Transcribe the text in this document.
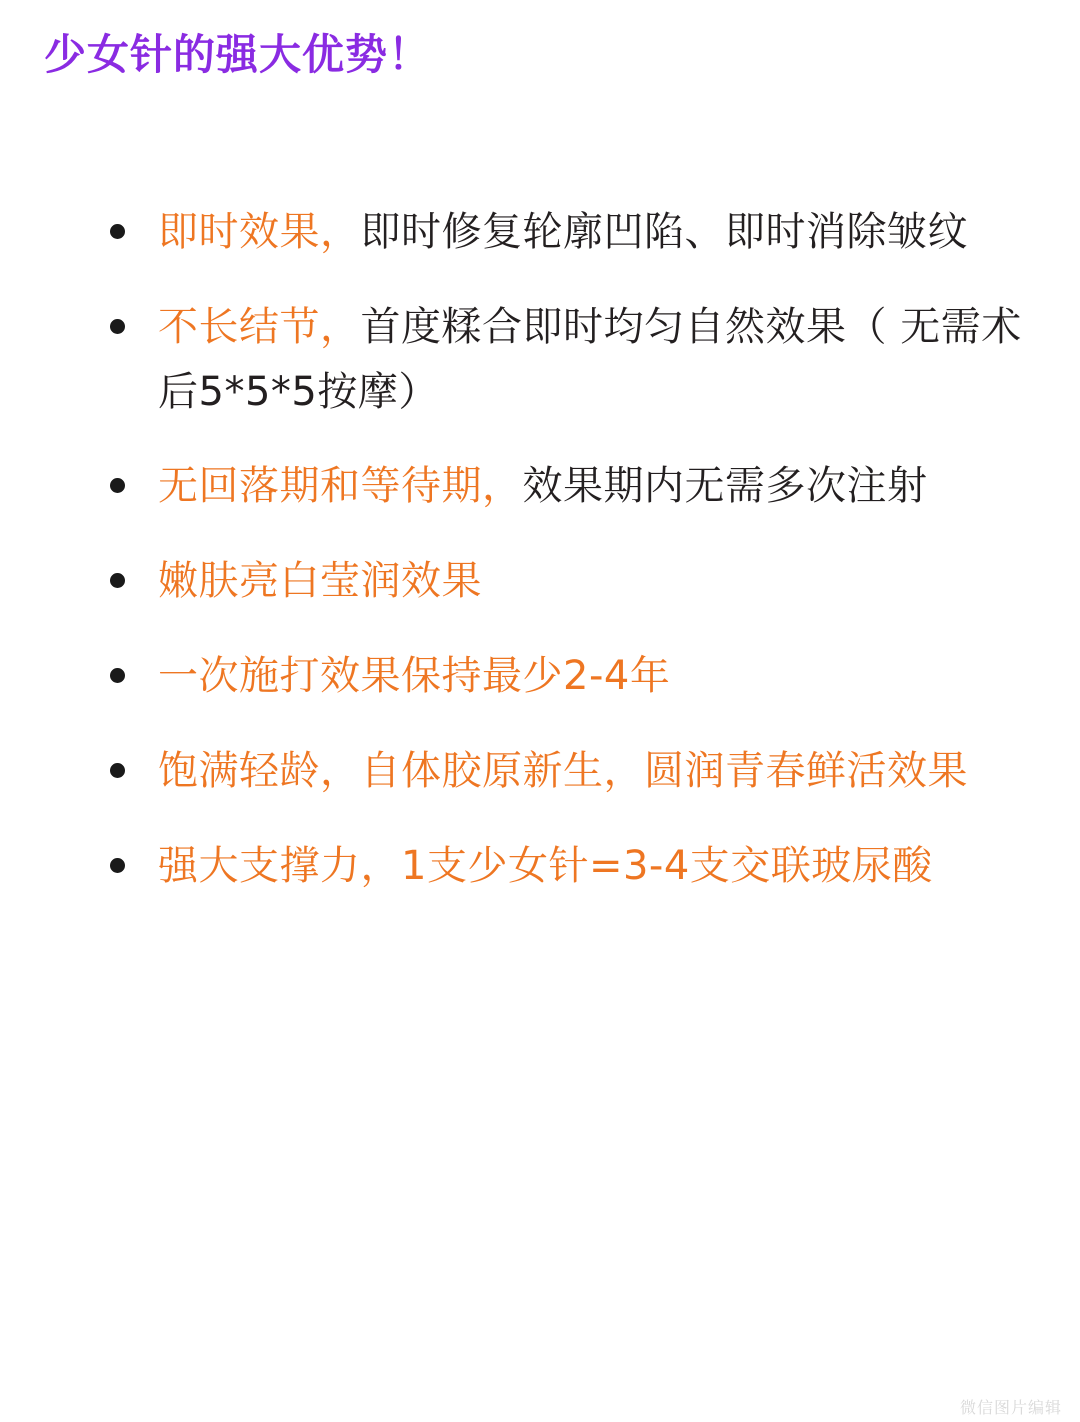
少女针的强大优势！
即时效果，即时修复轮廓凹陷、即时消除皱纹
不长结节，首度糅合即时均匀自然效果（ 无需术后5*5*5按摩）
无回落期和等待期，效果期内无需多次注射
嫩肤亮白莹润效果
一次施打效果保持最少2-4年
饱满轻龄，自体胶原新生，圆润青春鲜活效果
强大支撑力，1支少女针=3-4支交联玻尿酸
微信图片编辑
